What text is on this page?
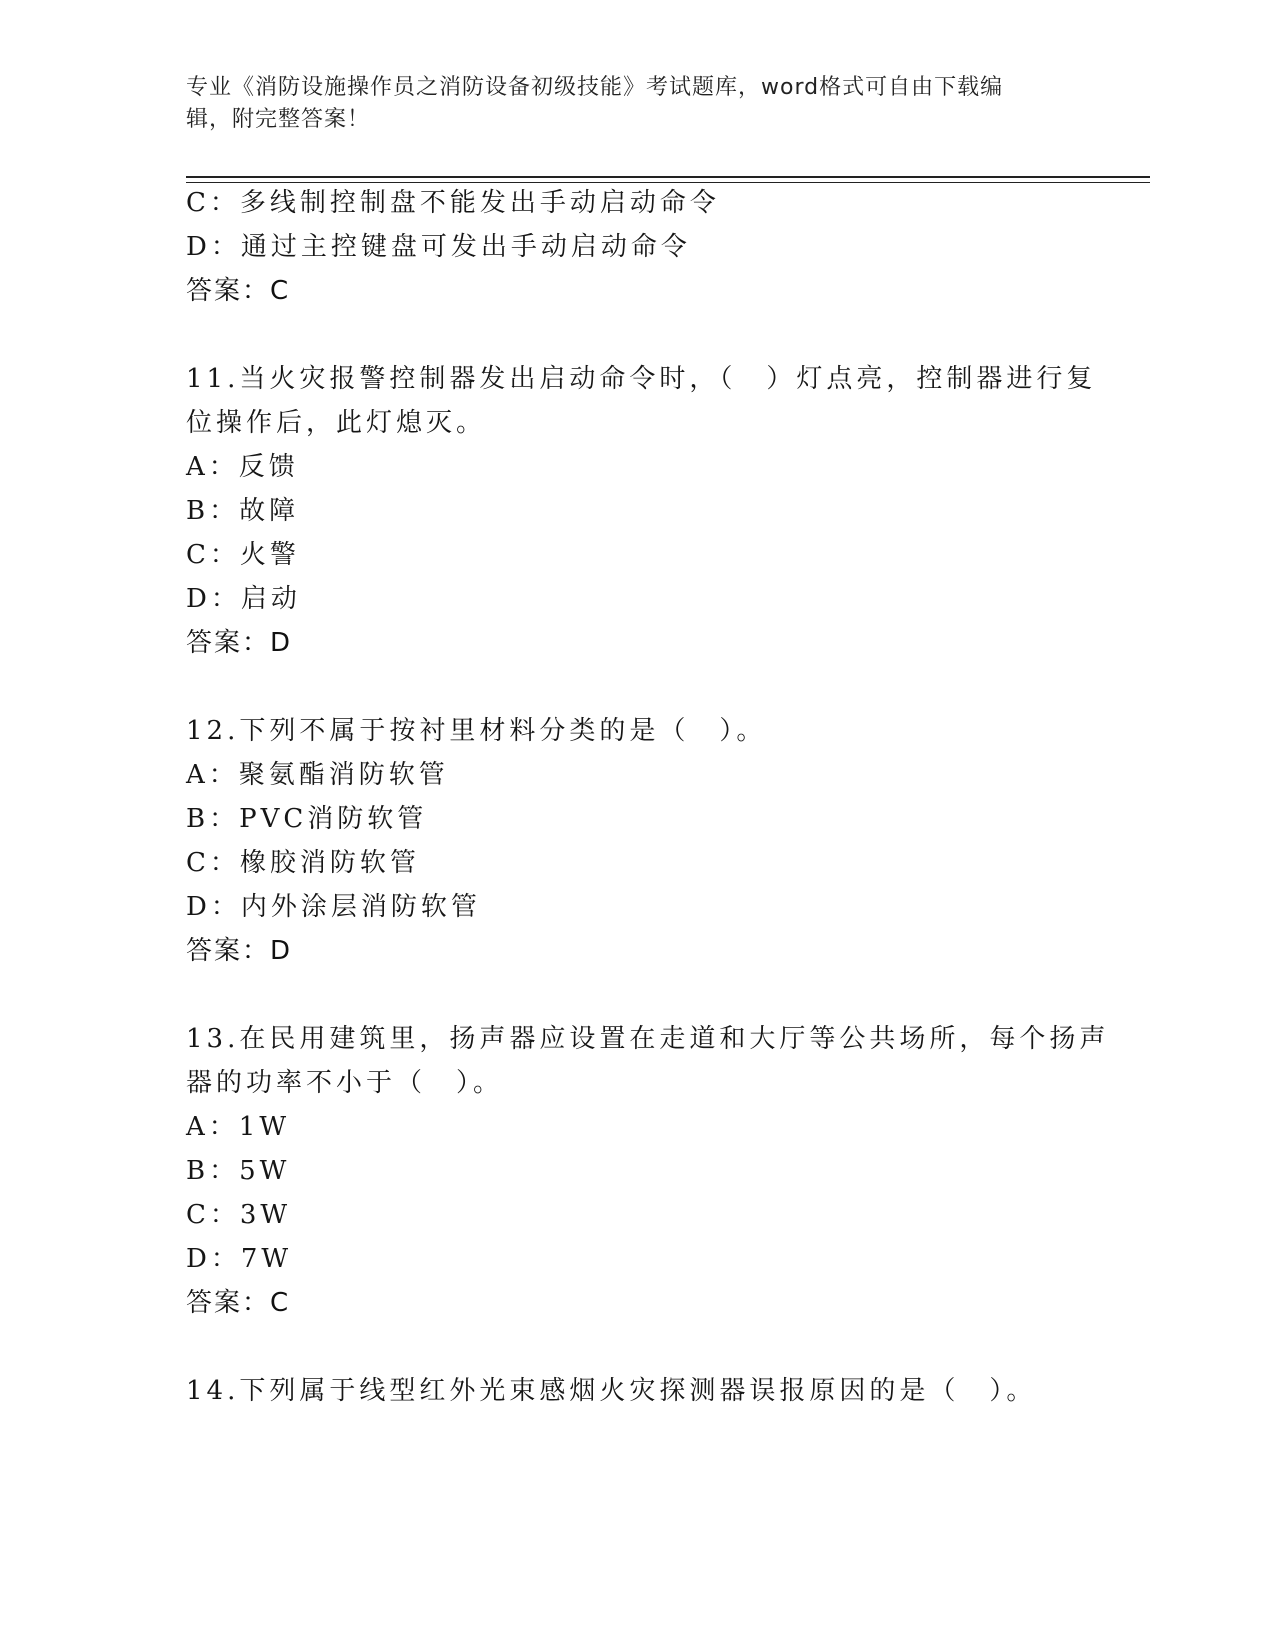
专业《消防设施操作员之消防设备初级技能》考试题库，word格式可自由下载编
辑，附完整答案！
C：多线制控制盘不能发出手动启动命令
D：通过主控键盘可发出手动启动命令
答案：C
11.当火灾报警控制器发出启动命令时，（　）灯点亮，控制器进行复
位操作后，此灯熄灭。
A：反馈
B：故障
C：火警
D：启动
答案：D
12.下列不属于按衬里材料分类的是（　）。
A：聚氨酯消防软管
B：PVC消防软管
C：橡胶消防软管
D：内外涂层消防软管
答案：D
13.在民用建筑里，扬声器应设置在走道和大厅等公共场所，每个扬声
器的功率不小于（　）。
A：1W
B：5W
C：3W
D：7W
答案：C
14.下列属于线型红外光束感烟火灾探测器误报原因的是（　）。
